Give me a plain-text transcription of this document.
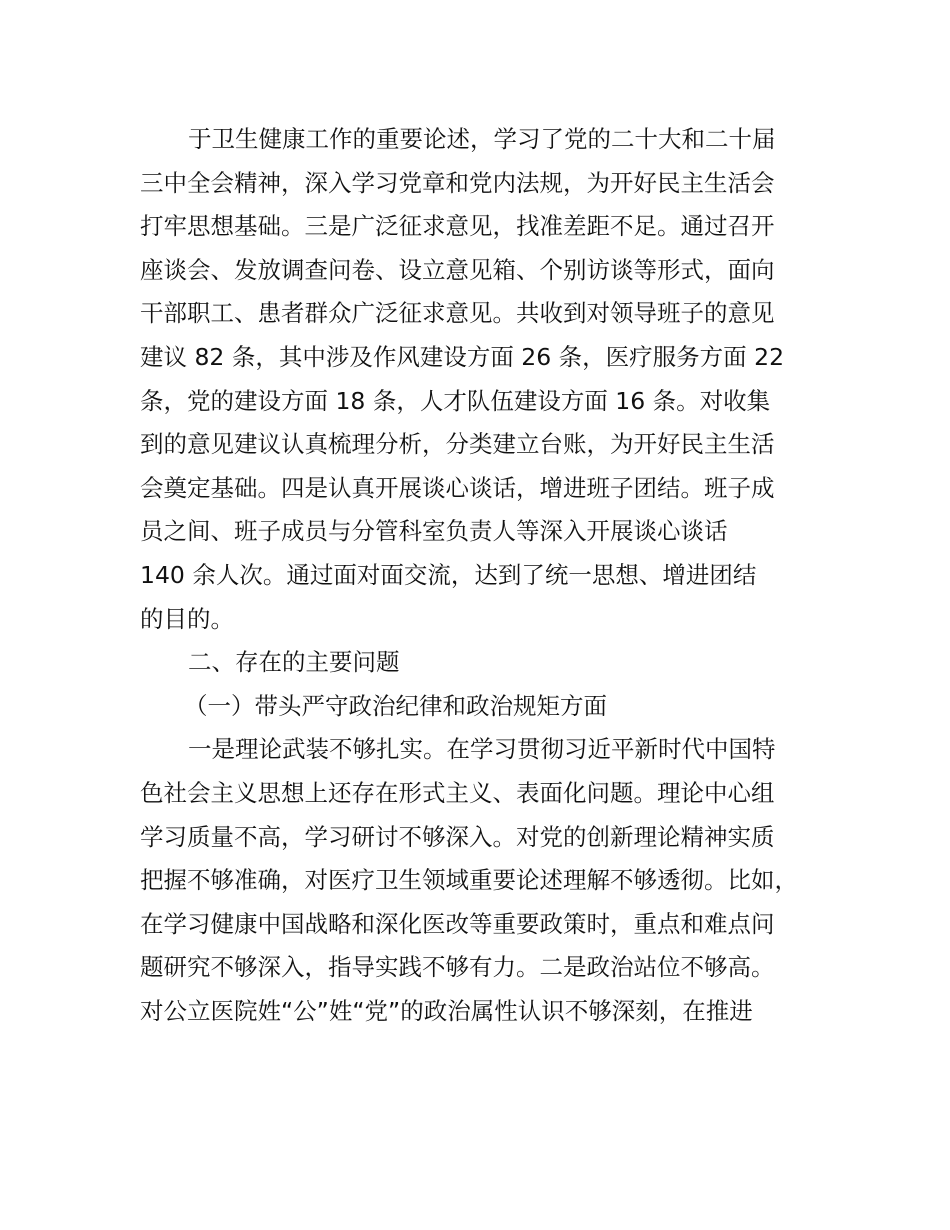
于卫生健康工作的重要论述，学习了党的二十大和二十届
三中全会精神，深入学习党章和党内法规，为开好民主生活会
打牢思想基础。三是广泛征求意见，找准差距不足。通过召开
座谈会、发放调查问卷、设立意见箱、个别访谈等形式，面向
干部职工、患者群众广泛征求意见。共收到对领导班子的意见
建议 82 条，其中涉及作风建设方面 26 条，医疗服务方面 22
条，党的建设方面 18 条，人才队伍建设方面 16 条。对收集
到的意见建议认真梳理分析，分类建立台账，为开好民主生活
会奠定基础。四是认真开展谈心谈话，增进班子团结。班子成
员之间、班子成员与分管科室负责人等深入开展谈心谈话
140 余人次。通过面对面交流，达到了统一思想、增进团结
的目的。
二、存在的主要问题
（一）带头严守政治纪律和政治规矩方面
一是理论武装不够扎实。在学习贯彻习近平新时代中国特
色社会主义思想上还存在形式主义、表面化问题。理论中心组
学习质量不高，学习研讨不够深入。对党的创新理论精神实质
把握不够准确，对医疗卫生领域重要论述理解不够透彻。比如，
在学习健康中国战略和深化医改等重要政策时，重点和难点问
题研究不够深入，指导实践不够有力。二是政治站位不够高。
对公立医院姓“公”姓“党”的政治属性认识不够深刻，在推进
